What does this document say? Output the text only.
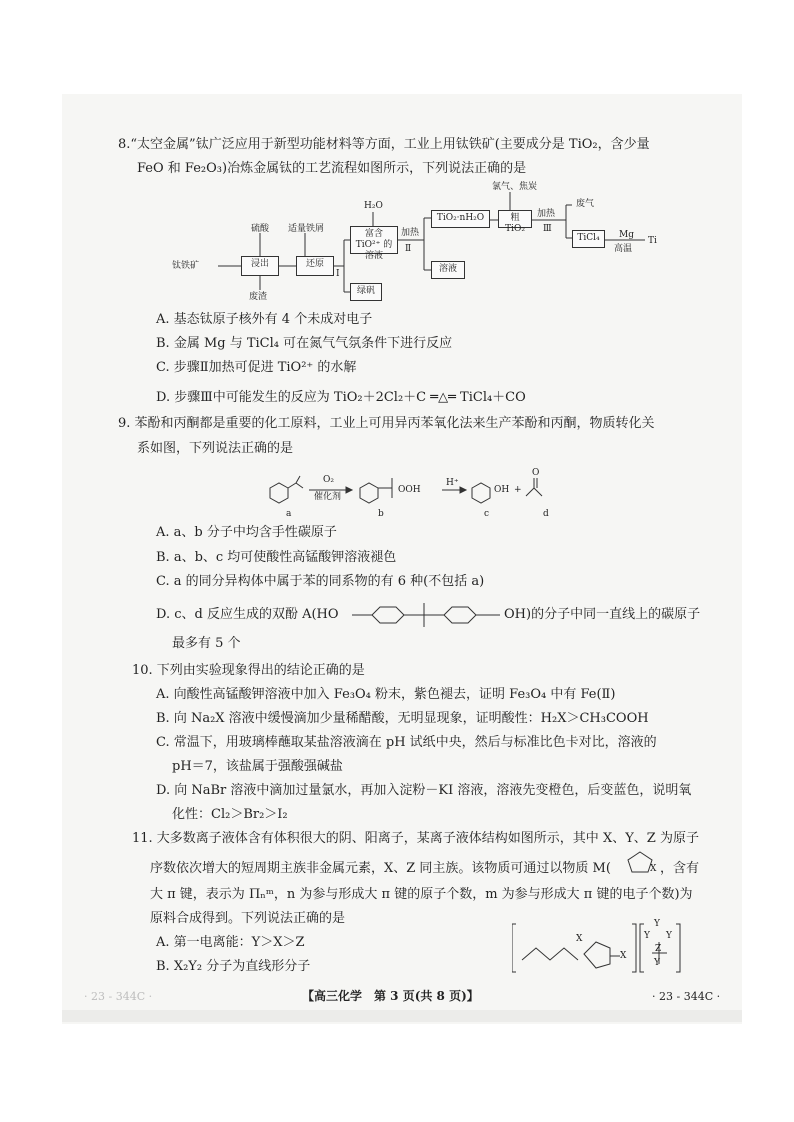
8.“太空金属”钛广泛应用于新型功能材料等方面，工业上用钛铁矿(主要成分是 TiO₂，含少量
FeO 和 Fe₂O₃)冶炼金属钛的工艺流程如图所示，下列说法正确的是
钛铁矿
硫酸
浸出
废渣
适量铁屑
还原
Ⅰ
H₂O
富含 TiO²⁺ 的溶液
加热
Ⅱ
绿矾
TiO₂·nH₂O
溶液
氯气、焦炭
粗 TiO₂
加热
Ⅲ
废气
TiCl₄	Mg
高温
Ti
A. 基态钛原子核外有 4 个未成对电子
B. 金属 Mg 与 TiCl₄ 可在氮气气氛条件下进行反应
C. 步骤Ⅱ加热可促进 TiO²⁺ 的水解
D. 步骤Ⅲ中可能发生的反应为 TiO₂＋2Cl₂＋C ═△═ TiCl₄＋CO
9. 苯酚和丙酮都是重要的化工原料，工业上可用异丙苯氧化法来生产苯酚和丙酮，物质转化关
系如图，下列说法正确的是
O₂
催化剂
OOH
H⁺
OH +
O
a	b	c	d
A. a、b 分子中均含手性碳原子
B. a、b、c 均可使酸性高锰酸钾溶液褪色
C. a 的同分异构体中属于苯的同系物的有 6 种(不包括 a)
D. c、d 反应生成的双酚 A(HO	OH)的分子中同一直线上的碳原子
最多有 5 个
10. 下列由实验现象得出的结论正确的是
A. 向酸性高锰酸钾溶液中加入 Fe₃O₄ 粉末，紫色褪去，证明 Fe₃O₄ 中有 Fe(Ⅱ)
B. 向 Na₂X 溶液中缓慢滴加少量稀醋酸，无明显现象，证明酸性：H₂X＞CH₃COOH
C. 常温下，用玻璃棒蘸取某盐溶液滴在 pH 试纸中央，然后与标准比色卡对比，溶液的
pH＝7，该盐属于强酸强碱盐
D. 向 NaBr 溶液中滴加过量氯水，再加入淀粉－KI 溶液，溶液先变橙色，后变蓝色，说明氧
化性：Cl₂＞Br₂＞I₂
11. 大多数离子液体含有体积很大的阴、阳离子，某离子液体结构如图所示，其中 X、Y、Z 为原子
序数依次增大的短周期主族非金属元素，X、Z 同主族。该物质可通过以物质 M(	X ，含有
大 π 键，表示为 Πₙᵐ，n 为参与形成大 π 键的原子个数，m 为参与形成大 π 键的电子个数)为
原料合成得到。下列说法正确的是
A. 第一电离能：Y＞X＞Z
B. X₂Y₂ 分子为直线形分子
X
X
Y
Y Y
Z
Y
· 23 - 344C ·	【高三化学　第 3 页(共 8 页)】	· 23 - 344C ·
